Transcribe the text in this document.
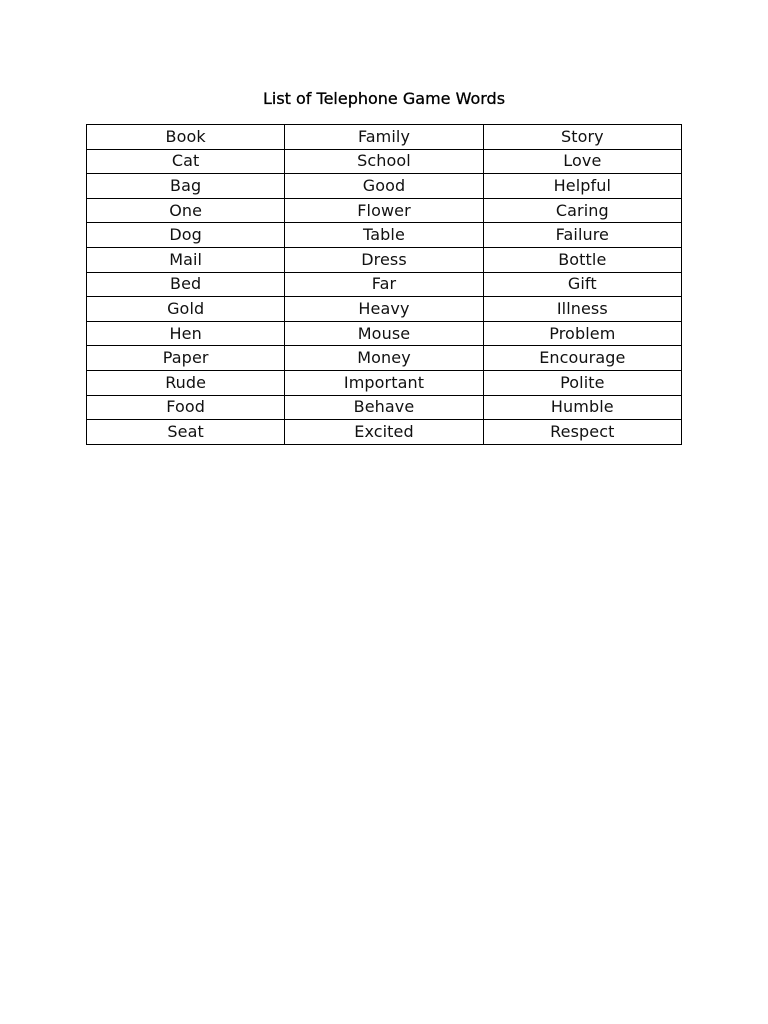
List of Telephone Game Words
Book	Family	Story
Cat	School	Love
Bag	Good	Helpful
One	Flower	Caring
Dog	Table	Failure
Mail	Dress	Bottle
Bed	Far	Gift
Gold	Heavy	Illness
Hen	Mouse	Problem
Paper	Money	Encourage
Rude	Important	Polite
Food	Behave	Humble
Seat	Excited	Respect
